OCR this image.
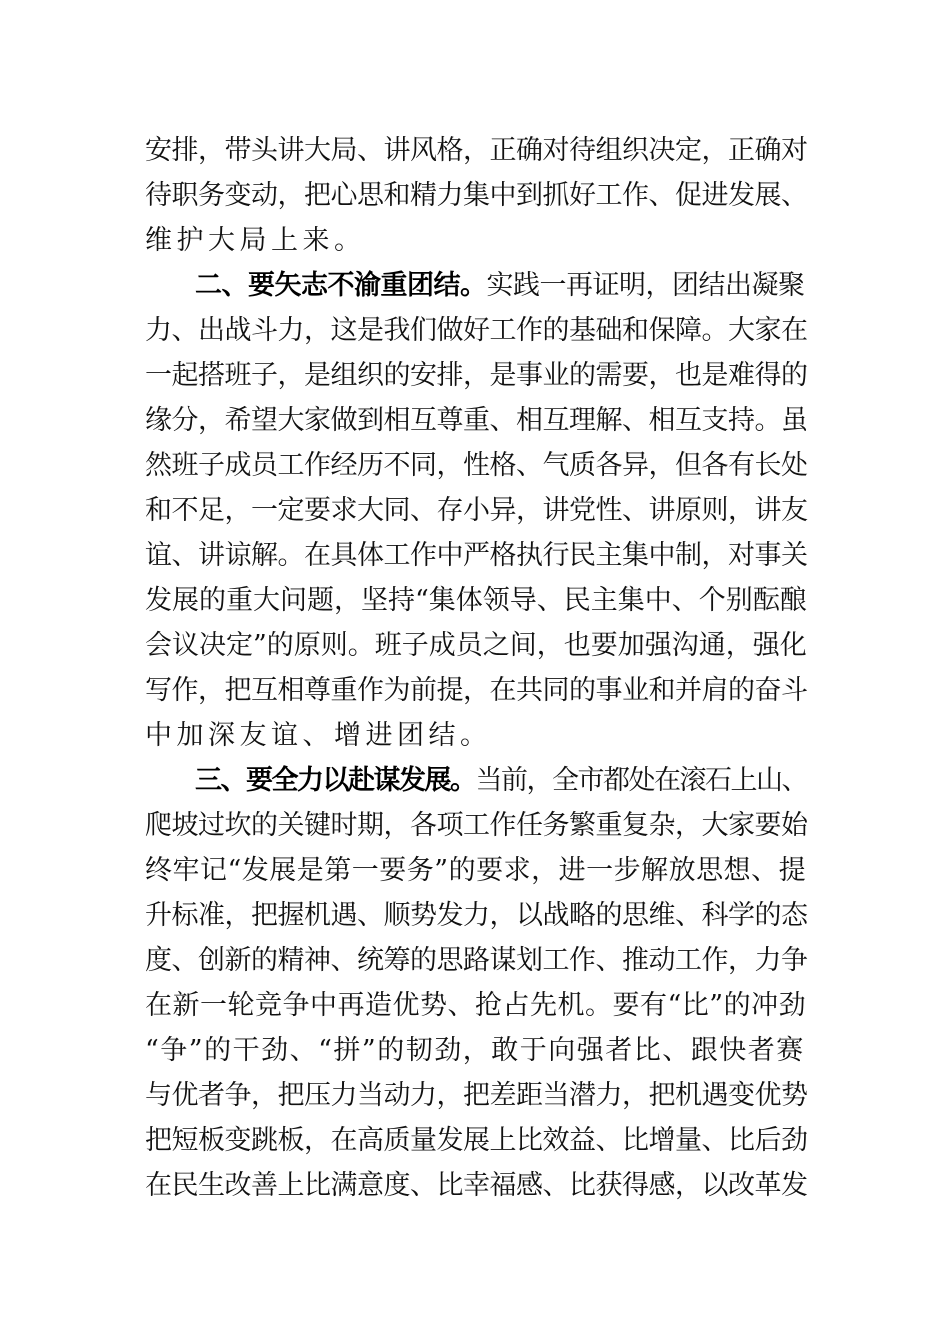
安排，带头讲大局、讲风格，正确对待组织决定，正确对
待职务变动，把心思和精力集中到抓好工作、促进发展、
维护大局上来。
二、要矢志不渝重团结。实践一再证明，团结出凝聚
力、出战斗力，这是我们做好工作的基础和保障。大家在
一起搭班子，是组织的安排，是事业的需要，也是难得的
缘分，希望大家做到相互尊重、相互理解、相互支持。虽
然班子成员工作经历不同，性格、气质各异，但各有长处
和不足，一定要求大同、存小异，讲党性、讲原则，讲友
谊、讲谅解。在具体工作中严格执行民主集中制，对事关
发展的重大问题，坚持“集体领导、民主集中、个别酝酿
会议决定”的原则。班子成员之间，也要加强沟通，强化
写作，把互相尊重作为前提，在共同的事业和并肩的奋斗
中加深友谊、增进团结。
三、要全力以赴谋发展。当前，全市都处在滚石上山、
爬坡过坎的关键时期，各项工作任务繁重复杂，大家要始
终牢记“发展是第一要务”的要求，进一步解放思想、提
升标准，把握机遇、顺势发力，以战略的思维、科学的态
度、创新的精神、统筹的思路谋划工作、推动工作，力争
在新一轮竞争中再造优势、抢占先机。要有“比”的冲劲
“争”的干劲、“拼”的韧劲，敢于向强者比、跟快者赛
与优者争，把压力当动力，把差距当潜力，把机遇变优势
把短板变跳板，在高质量发展上比效益、比增量、比后劲
在民生改善上比满意度、比幸福感、比获得感，以改革发
